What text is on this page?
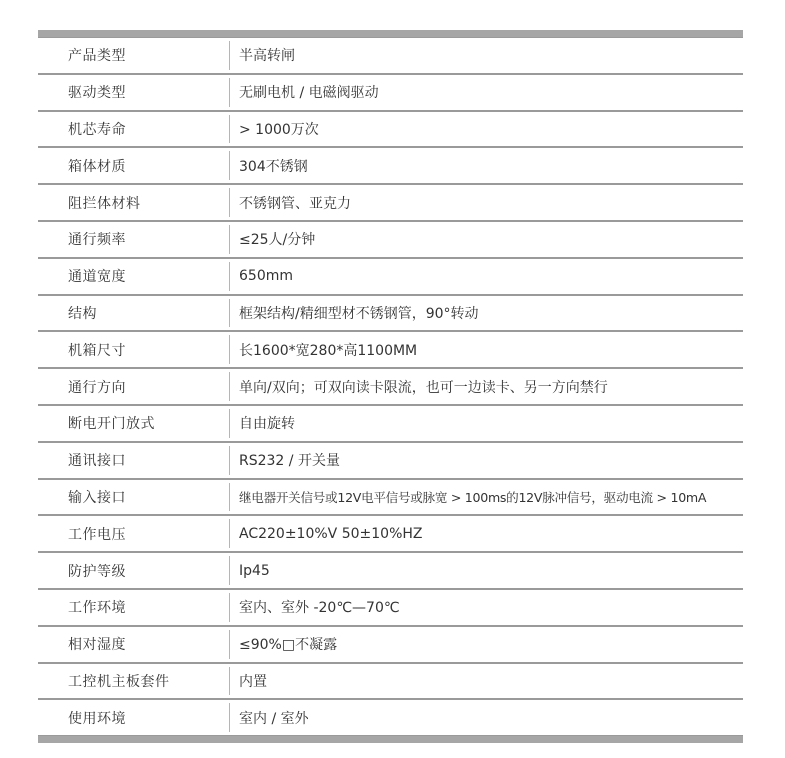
产品类型	半高转闸
驱动类型	无刷电机 / 电磁阀驱动
机芯寿命	> 1000万次
箱体材质	304不锈钢
阻拦体材料	不锈钢管、亚克力
通行频率	≤25人/分钟
通道宽度	650mm
结构	框架结构/精细型材不锈钢管，90°转动
机箱尺寸	长1600*宽280*高1100MM
通行方向	单向/双向；可双向读卡限流，也可一边读卡、另一方向禁行
断电开门放式	自由旋转
通讯接口	RS232 / 开关量
输入接口	继电器开关信号或12V电平信号或脉宽 > 100ms的12V脉冲信号，驱动电流 > 10mA
工作电压	AC220±10%V 50±10%HZ
防护等级	Ip45
工作环境	室内、室外 -20℃—70℃
相对湿度	≤90%□不凝露
工控机主板套件	内置
使用环境	室内 / 室外
